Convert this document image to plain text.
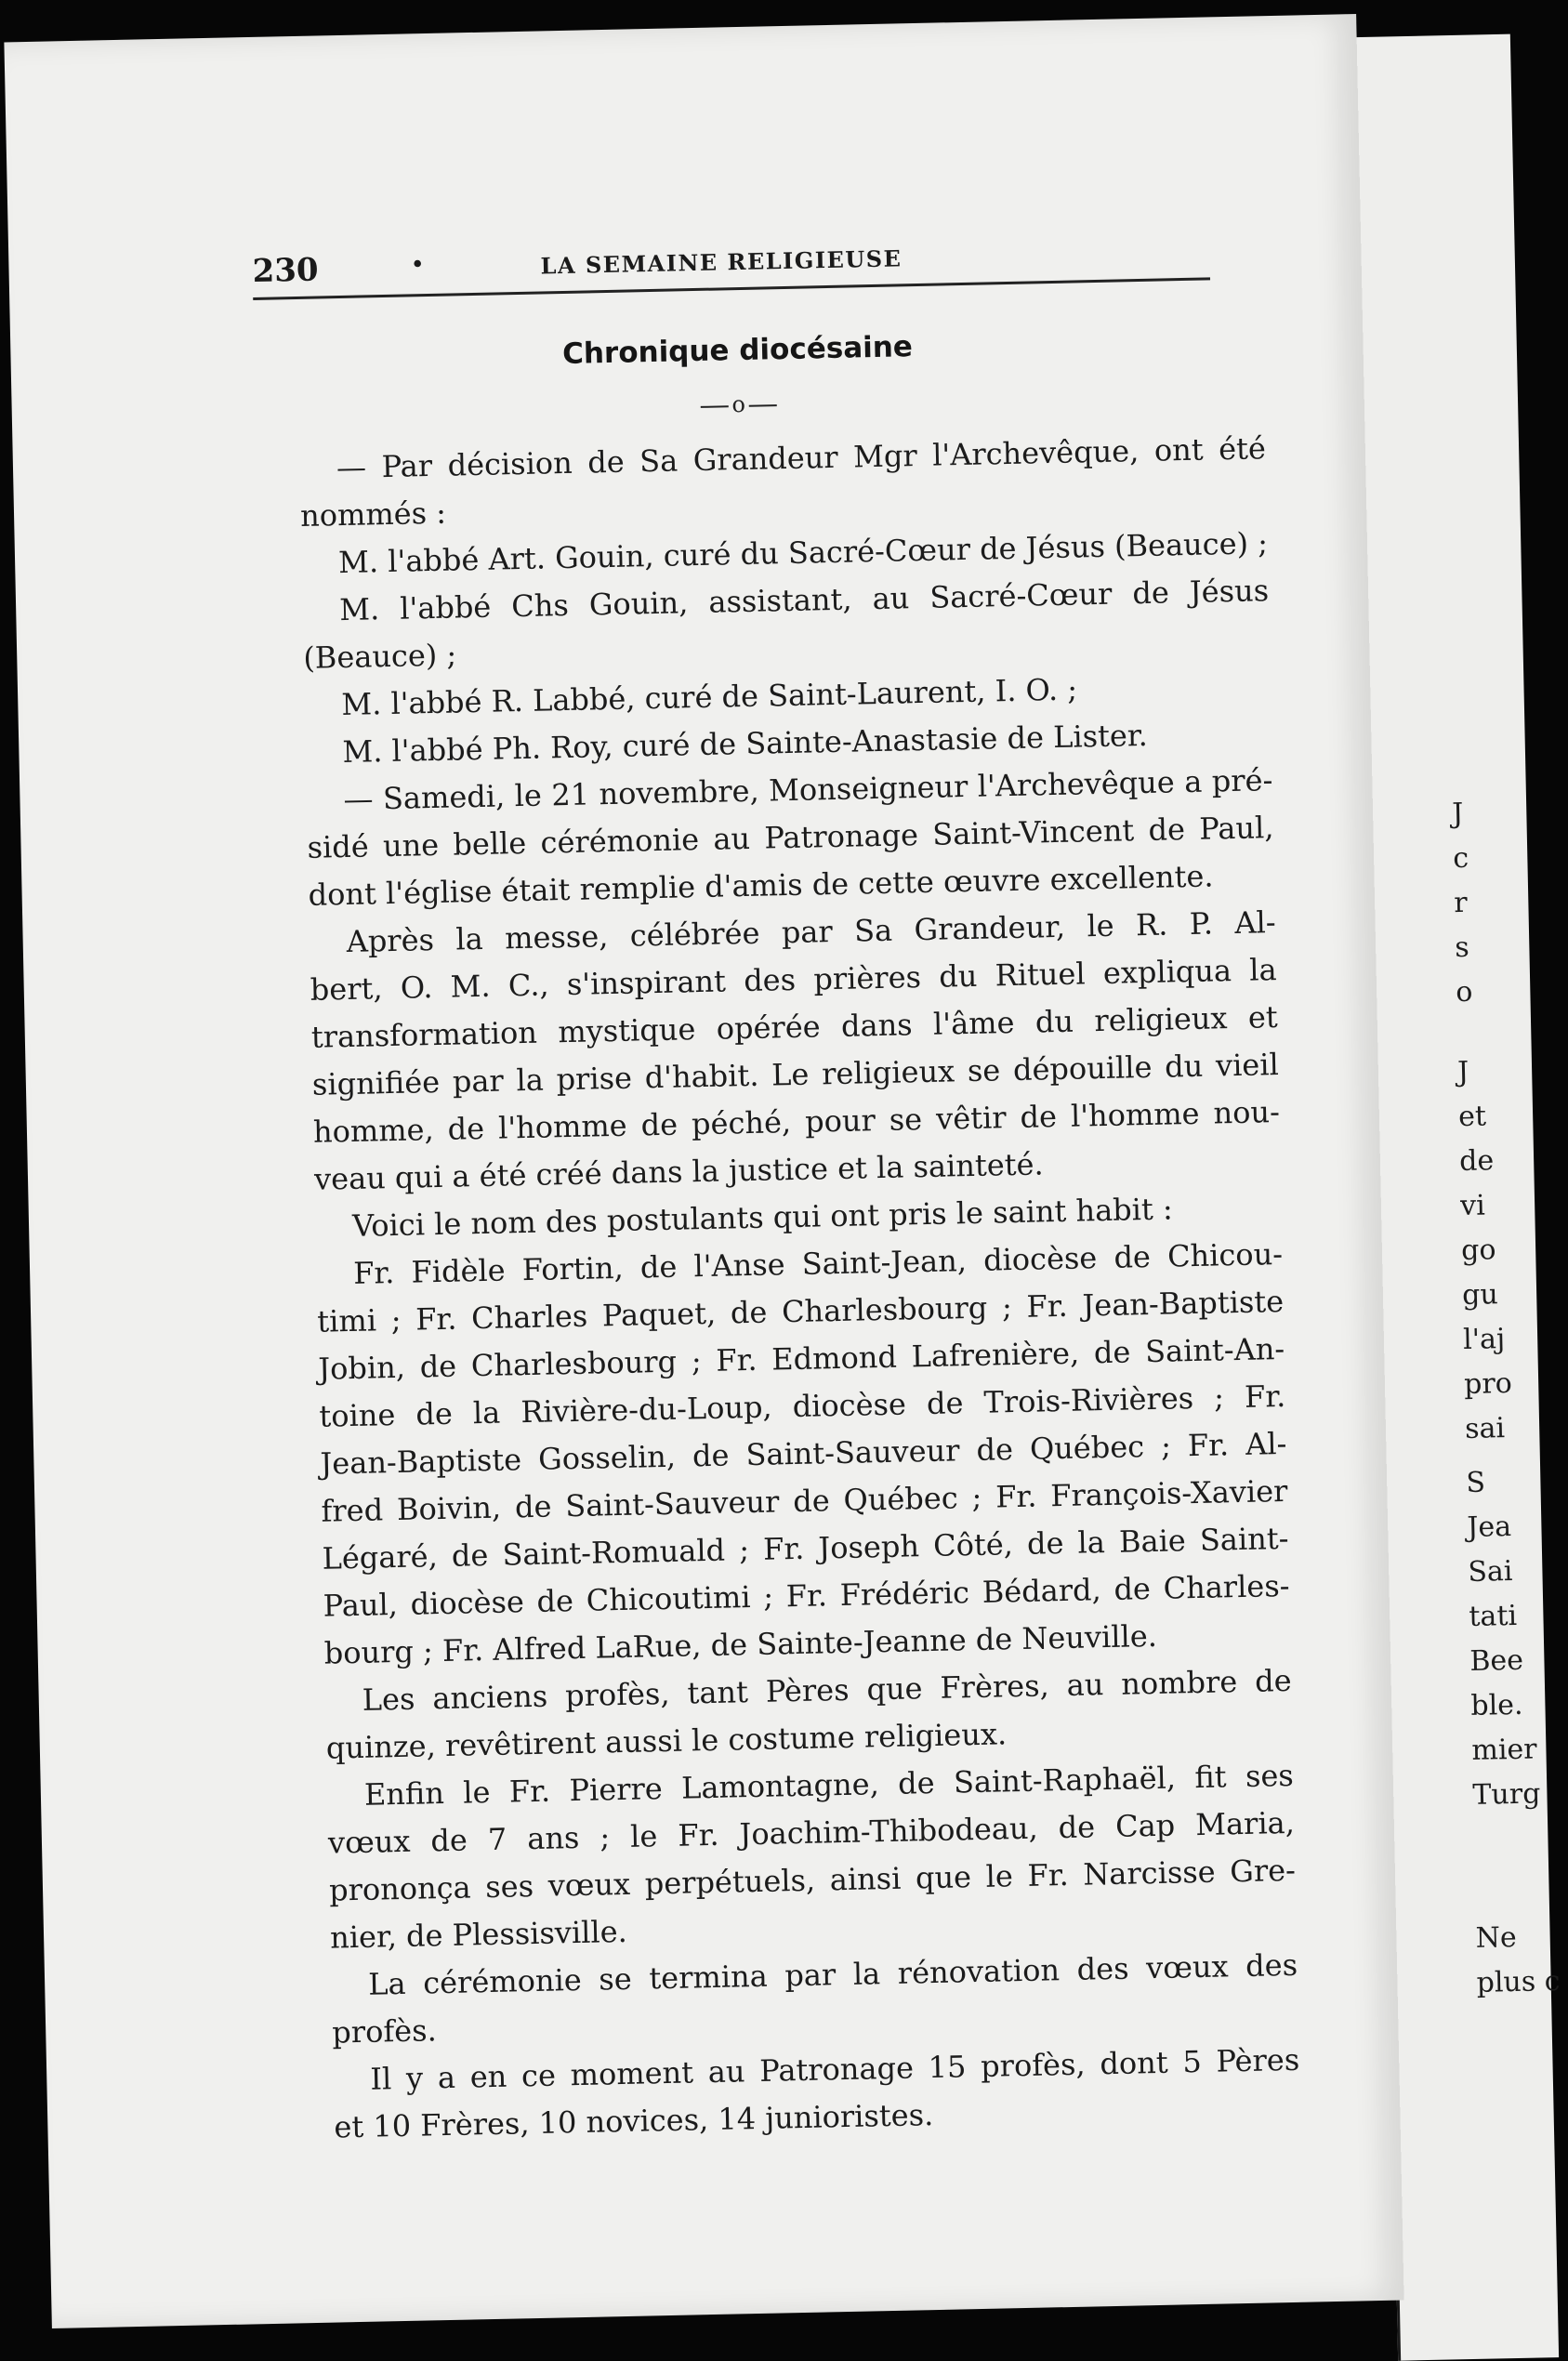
J
c
r
s
o
J
et
de
vi
go
gu
l'aj
pro
sai
S
Jea
Sai
tati
Bee
ble.
mier
Turg
Ne
plus c
230	•	LA SEMAINE RELIGIEUSE
Chronique diocésaine
o
— Par décision de Sa Grandeur Mgr l'Archevêque, ont été
nommés :
M. l'abbé Art. Gouin, curé du Sacré-Cœur de Jésus (Beauce) ;
M. l'abbé Chs Gouin, assistant, au Sacré-Cœur de Jésus
(Beauce) ;
M. l'abbé R. Labbé, curé de Saint-Laurent, I. O. ;
M. l'abbé Ph. Roy, curé de Sainte-Anastasie de Lister.
— Samedi, le 21 novembre, Monseigneur l'Archevêque a pré-
sidé une belle cérémonie au Patronage Saint-Vincent de Paul,
dont l'église était remplie d'amis de cette œuvre excellente.
Après la messe, célébrée par Sa Grandeur, le R. P. Al-
bert, O. M. C., s'inspirant des prières du Rituel expliqua la
transformation mystique opérée dans l'âme du religieux et
signifiée par la prise d'habit. Le religieux se dépouille du vieil
homme, de l'homme de péché, pour se vêtir de l'homme nou-
veau qui a été créé dans la justice et la sainteté.
Voici le nom des postulants qui ont pris le saint habit :
Fr. Fidèle Fortin, de l'Anse Saint-Jean, diocèse de Chicou-
timi ; Fr. Charles Paquet, de Charlesbourg ; Fr. Jean-Baptiste
Jobin, de Charlesbourg ; Fr. Edmond Lafrenière, de Saint-An-
toine de la Rivière-du-Loup, diocèse de Trois-Rivières ; Fr.
Jean-Baptiste Gosselin, de Saint-Sauveur de Québec ; Fr. Al-
fred Boivin, de Saint-Sauveur de Québec ; Fr. François-Xavier
Légaré, de Saint-Romuald ; Fr. Joseph Côté, de la Baie Saint-
Paul, diocèse de Chicoutimi ; Fr. Frédéric Bédard, de Charles-
bourg ; Fr. Alfred LaRue, de Sainte-Jeanne de Neuville.
Les anciens profès, tant Pères que Frères, au nombre de
quinze, revêtirent aussi le costume religieux.
Enfin le Fr. Pierre Lamontagne, de Saint-Raphaël, fit ses
vœux de 7 ans ; le Fr. Joachim-Thibodeau, de Cap Maria,
prononça ses vœux perpétuels, ainsi que le Fr. Narcisse Gre-
nier, de Plessisville.
La cérémonie se termina par la rénovation des vœux des
profès.
Il y a en ce moment au Patronage 15 profès, dont 5 Pères
et 10 Frères, 10 novices, 14 junioristes.
